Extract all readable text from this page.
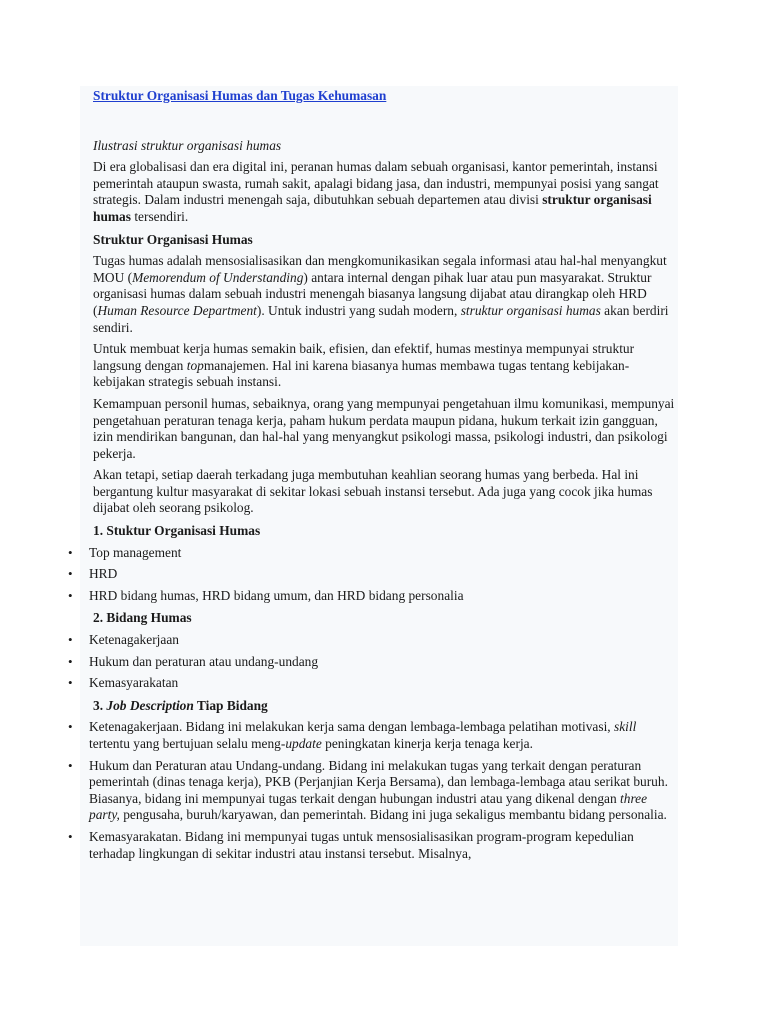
Struktur Organisasi Humas dan Tugas Kehumasan

Ilustrasi struktur organisasi humas

Di era globalisasi dan era digital ini, peranan humas dalam sebuah organisasi, kantor pemerintah, instansi pemerintah ataupun swasta, rumah sakit, apalagi bidang jasa, dan industri, mempunyai posisi yang sangat strategis. Dalam industri menengah saja, dibutuhkan sebuah departemen atau divisi struktur organisasi humas tersendiri.

Struktur Organisasi Humas

Tugas humas adalah mensosialisasikan dan mengkomunikasikan segala informasi atau hal-hal menyangkut MOU (Memorendum of Understanding) antara internal dengan pihak luar atau pun masyarakat. Struktur organisasi humas dalam sebuah industri menengah biasanya langsung dijabat atau dirangkap oleh HRD (Human Resource Department). Untuk industri yang sudah modern, struktur organisasi humas akan berdiri sendiri.

Untuk membuat kerja humas semakin baik, efisien, dan efektif, humas mestinya mempunyai struktur langsung dengan topmanajemen. Hal ini karena biasanya humas membawa tugas tentang kebijakan-kebijakan strategis sebuah instansi.

Kemampuan personil humas, sebaiknya, orang yang mempunyai pengetahuan ilmu komunikasi, mempunyai pengetahuan peraturan tenaga kerja, paham hukum perdata maupun pidana, hukum terkait izin gangguan, izin mendirikan bangunan, dan hal-hal yang menyangkut psikologi massa, psikologi industri, dan psikologi pekerja.

Akan tetapi, setiap daerah terkadang juga membutuhan keahlian seorang humas yang berbeda. Hal ini bergantung kultur masyarakat di sekitar lokasi sebuah instansi tersebut. Ada juga yang cocok jika humas dijabat oleh seorang psikolog.

1. Stuktur Organisasi Humas

• Top management
• HRD
• HRD bidang humas, HRD bidang umum, dan HRD bidang personalia

2. Bidang Humas

• Ketenagakerjaan
• Hukum dan peraturan atau undang-undang
• Kemasyarakatan

3. Job Description Tiap Bidang

• Ketenagakerjaan. Bidang ini melakukan kerja sama dengan lembaga-lembaga pelatihan motivasi, skill tertentu yang bertujuan selalu meng-update peningkatan kinerja kerja tenaga kerja.
• Hukum dan Peraturan atau Undang-undang. Bidang ini melakukan tugas yang terkait dengan peraturan pemerintah (dinas tenaga kerja), PKB (Perjanjian Kerja Bersama), dan lembaga-lembaga atau serikat buruh. Biasanya, bidang ini mempunyai tugas terkait dengan hubungan industri atau yang dikenal dengan three party, pengusaha, buruh/karyawan, dan pemerintah. Bidang ini juga sekaligus membantu bidang personalia.
• Kemasyarakatan. Bidang ini mempunyai tugas untuk mensosialisasikan program-program kepedulian terhadap lingkungan di sekitar industri atau instansi tersebut. Misalnya,
